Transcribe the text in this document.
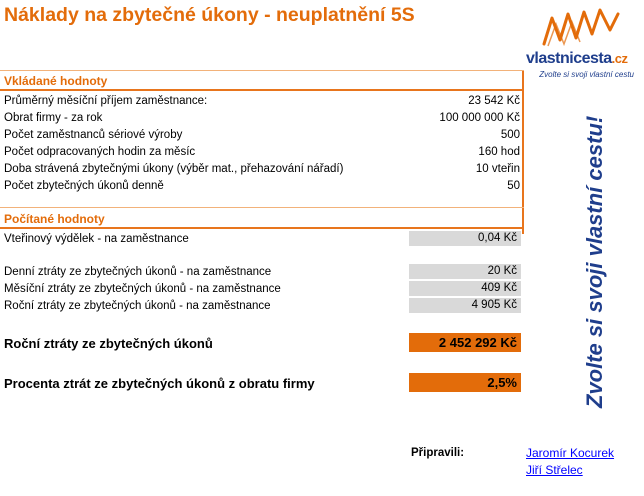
Náklady na zbytečné úkony - neuplatnění 5S
vlastnicesta.cz
Zvolte si svoji vlastní cestu
Zvolte si svoji vlastní cestu!
Vkládané hodnoty
Průměrný měsíční příjem zaměstnance:	23 542 Kč
Obrat firmy - za rok	100 000 000 Kč
Počet zaměstnanců sériové výroby	500
Počet odpracovaných hodin za měsíc	160 hod
Doba strávená zbytečnými úkony (výběr mat., přehazování nářadí)	10 vteřin
Počet zbytečných úkonů denně	50
Počítané hodnoty
Vteřinový výdělek - na zaměstnance	0,04 Kč
Denní ztráty ze zbytečných úkonů - na zaměstnance	20 Kč
Měsíční ztráty ze zbytečných úkonů - na zaměstnance	409 Kč
Roční ztráty ze zbytečných úkonů - na zaměstnance	4 905 Kč
Roční ztráty ze zbytečných úkonů	2 452 292 Kč
Procenta ztrát ze zbytečných úkonů z obratu firmy	2,5%
Připravili:	Jaromír Kocurek
Jiří Střelec
